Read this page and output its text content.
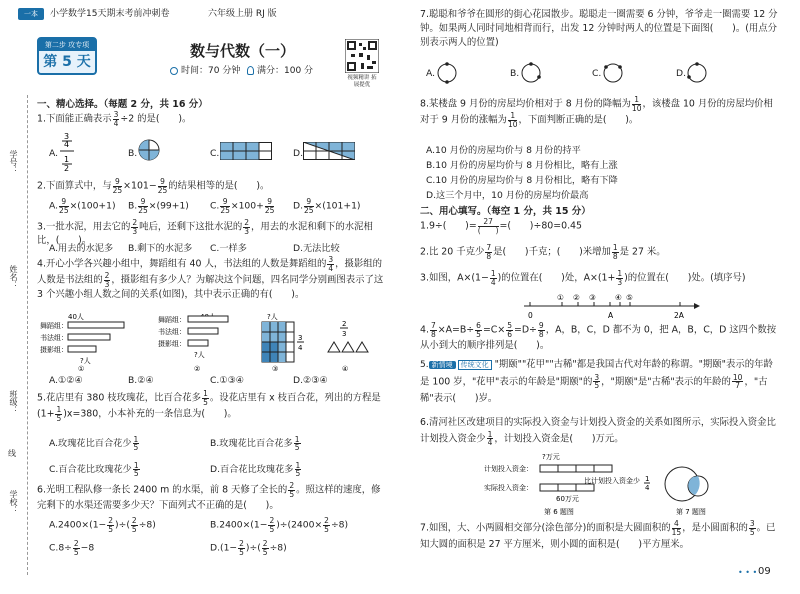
一本	小学数学15天期末考前冲刺卷	六年级上册 RJ 版
第二步 攻专项
第 5 天
数与代数（一）
时间：70 分钟 满分：100 分
视频精讲 拓展提优
学号：
姓名：
班级：
线
学校：
一、精心选择。（每题 2 分，共 16 分）
1.下面能正确表示 $\frac{3}{4} \div 2$ 的是(　　)。
A.
3
4
1
2
B.	C.	D.
2.下面算式中，与 $\frac{9}{25} \times 101- \frac{9}{25}$ 的结果相等的是(　　)。
A. $\frac{9}{25} \times(100+1)$ B. $\frac{9}{25} \times(99+1)$ C. $\frac{9}{25} \times 100+ \frac{9}{25} D$. $\frac{9}{25} \times(101+1)$
3.一批水泥，用去它的 $\frac{2}{3}$ 吨后，还剩下这批水泥的 $\frac{2}{3}$ ，用去的水泥和剩下的水泥相比，(　　)。
A.用去的水泥多 B.剩下的水泥多 C.一样多	D.无法比较
4.开心小学各兴趣小组中，舞蹈组有 40 人，书法组的人数是舞蹈组的 $\frac{3}{4}$ ，摄影组的人数是书法组的 $\frac{2}{3}$ ，摄影组有多少人？为解决这个问题，四名同学分别画图表示了这 3 个兴趣小组人数之间的关系(如图)，其中表示正确的有(　　)。
40人
舞蹈组：
书法组：
摄影组：
?人
①
舞蹈组：
书法组：
摄影组：
?人
②
?人
3
4
③
2
3
④
A.①②④	B.②④	C.①③④	D.②③④
5.花店里有 380 枝玫瑰花，比百合花多 $\frac{1}{5}$ 。设花店里有 x 枝百合花，列出的方程是$(1+ \frac{1}{5} )x=380$，小本补充的一条信息为(　　)。
A.玫瑰花比百合花少 $\frac{1}{5}$	B.玫瑰花比百合花多 $\frac{1}{5}$
C.百合花比玫瑰花少 $\frac{1}{5}$	D.百合花比玫瑰花多 $\frac{1}{5}$
6.光明工程队修一条长 2400 m 的水渠，前 8 天修了全长的 $\frac{2}{5}$ 。照这样的速度，修完剩下的水渠还需要多少天？下面列式不正确的是(　　)。
$A.2400\times(1- \frac{2}{5}$ )÷( $\frac{2}{5} \div 8$)	$B.2400\times(1- \frac{2}{5} )\div(2400\times \frac{2}{5} \div 8)$
$C.8\div \frac{2}{5} -8$	$D.(1- \frac{2}{5}$ )÷( $\frac{2}{5} \div 8$)
7.聪聪和爷爷在圆形的街心花园散步。聪聪走一圈需要 6 分钟，爷爷走一圈需要 12 分钟。如果两人同时同地相背而行，出发 12 分钟时两人的位置是下面图(　　)。(用点分别表示两人的位置)
A.	B.	C.	D.
8.某楼盘 9 月份的房屋均价相对于 8 月份的降幅为 $\frac{1}{10}$ ，该楼盘 10 月份的房屋均价相对于 9 月份的涨幅为 $\frac{1}{10}$ ，下面判断正确的是(　　)。
A.10 月份的房屋均价与 8 月份的持平
B.10 月份的房屋均价与 8 月份相比，略有上涨
C.10 月份的房屋均价与 8 月份相比，略有下降
D.这三个月中，10 月份的房屋均价最高
二、用心填写。（每空 1 分，共 15 分）
1.9÷(　　)= $\frac{27}{( )}$ =(　　)÷80=0.45
2.比 20 千克少 $\frac{7}{8}$ 是(　　)千克；(　　)米增加 $\frac{1}{8}$ 是 27 米。
3.如图，$A\times(1- \frac{1}{4}$ )的位置在(　　)处，$A\times(1+ \frac{1}{3}$ )的位置在(　　)处。(填序号)
0	A	2A
① ② ③	④ ⑤
4. $\frac{7}{8} \times A=B\div \frac{6}{5} =C\times \frac{5}{6} =D\div \frac{9}{8}$ ，A，B，C，D 都不为 0，把 A，B，C，D 这四个数按从小到大的顺序排列是(　　)。
5. 新情境 传统文化 "期颐""花甲""古稀"都是我国古代对年龄的称谓。"期颐"表示的年龄是 100 岁，"花甲"表示的年龄是"期颐"的 $\frac{3}{5}$ ，"期颐"是"古稀"表示的年龄的 $\frac{10}{7}$ ，"古稀"表示(　　)岁。
6.清河社区改建项目的实际投入资金与计划投入资金的关系如图所示，实际投入资金比计划投入资金少 $\frac{1}{4}$ ，计划投入资金是(　　)万元。
?万元
计划投入资金：
实际投入资金：
60万元
比计划投入资金少 1
4
第 6 题图	第 7 题图
7.如图，大、小两圆相交部分(涂色部分)的面积是大圆面积的 $\frac{4}{15}$ ，是小圆面积的 $\frac{3}{5}$ 。已知大圆的面积是 27 平方厘米，则小圆的面积是(　　)平方厘米。
• • • 09
